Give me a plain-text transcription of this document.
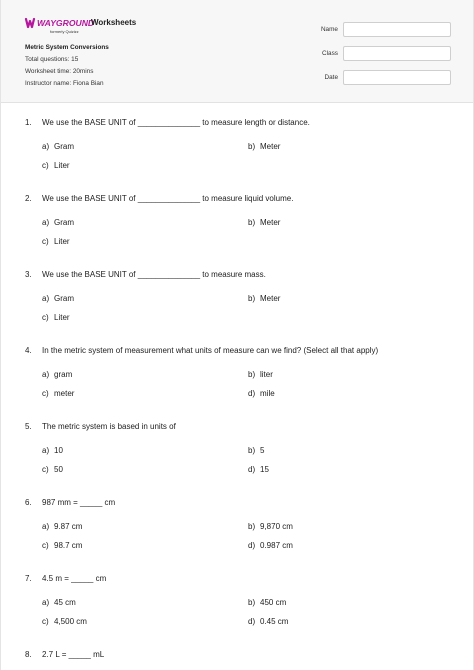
WAYGROUND
formerly Quizizz
Worksheets
Metric System Conversions
Total questions: 15
Worksheet time: 20mins
Instructor name: Fiona Bian
Name
Class
Date
1. We use the BASE UNIT of ______________ to measure length or distance.
a) Gram	b) Meter
c) Liter
2. We use the BASE UNIT of ______________ to measure liquid volume.
a) Gram	b) Meter
c) Liter
3. We use the BASE UNIT of ______________ to measure mass.
a) Gram	b) Meter
c) Liter
4. In the metric system of measurement what units of measure can we find? (Select all that apply)
a) gram	b) liter
c) meter	d) mile
5. The metric system is based in units of
a) 10	b) 5
c) 50	d) 15
6. 987 mm = _____ cm
a) 9.87 cm	b) 9,870 cm
c) 98.7 cm	d) 0.987 cm
7. 4.5 m = _____ cm
a) 45 cm	b) 450 cm
c) 4,500 cm	d) 0.45 cm
8. 2.7 L = _____ mL
